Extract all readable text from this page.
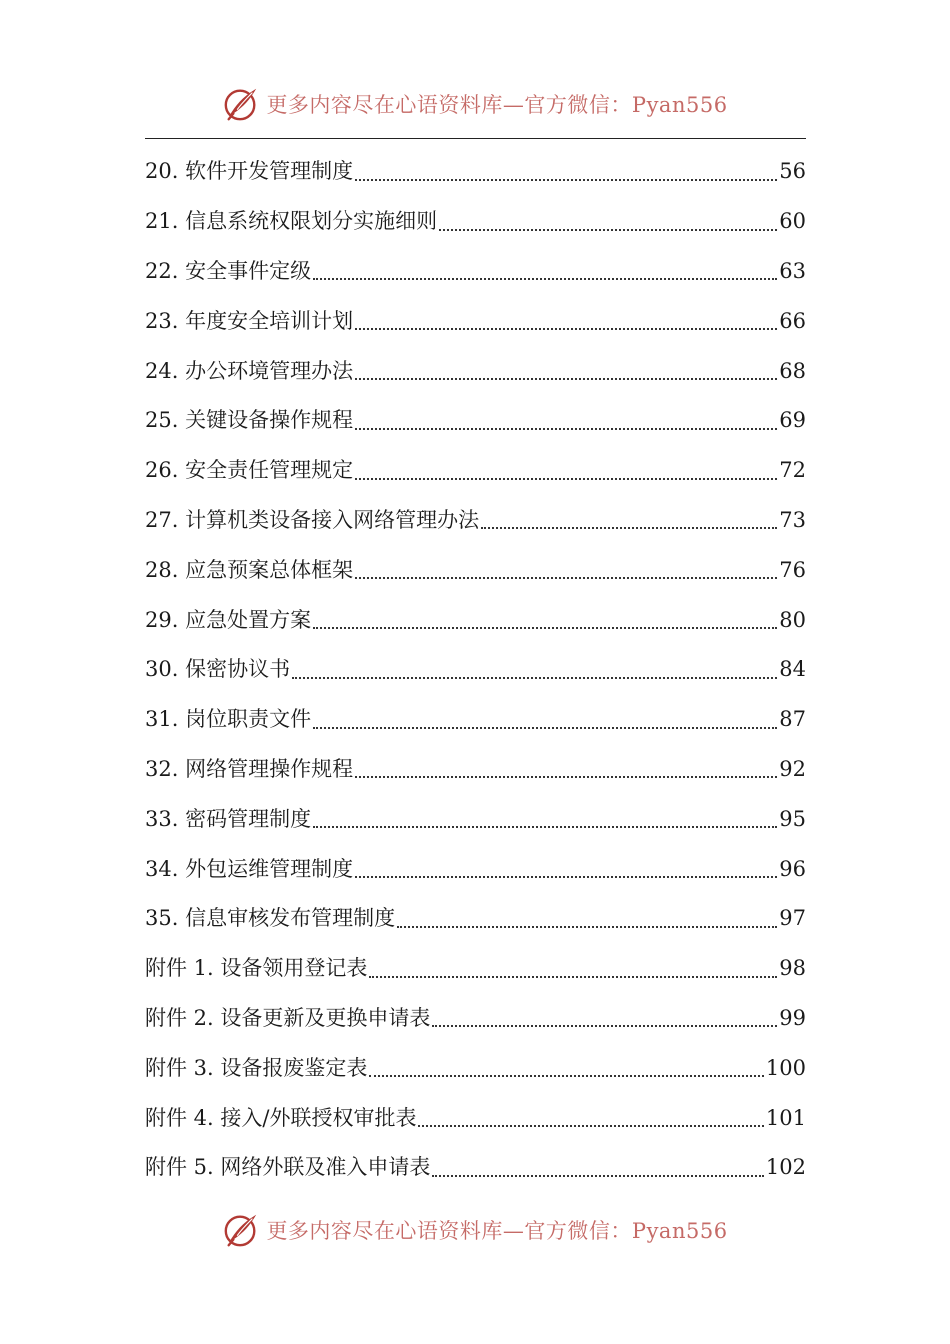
更多内容尽在心语资料库—官方微信：Pyan556
20. 软件开发管理制度	56
21. 信息系统权限划分实施细则	60
22. 安全事件定级	63
23. 年度安全培训计划	66
24. 办公环境管理办法	68
25. 关键设备操作规程	69
26. 安全责任管理规定	72
27. 计算机类设备接入网络管理办法	73
28. 应急预案总体框架	76
29. 应急处置方案	80
30. 保密协议书	84
31. 岗位职责文件	87
32. 网络管理操作规程	92
33. 密码管理制度	95
34. 外包运维管理制度	96
35. 信息审核发布管理制度	97
附件 1. 设备领用登记表	98
附件 2. 设备更新及更换申请表	99
附件 3. 设备报废鉴定表	100
附件 4. 接入/外联授权审批表	101
附件 5. 网络外联及准入申请表	102
更多内容尽在心语资料库—官方微信：Pyan556
